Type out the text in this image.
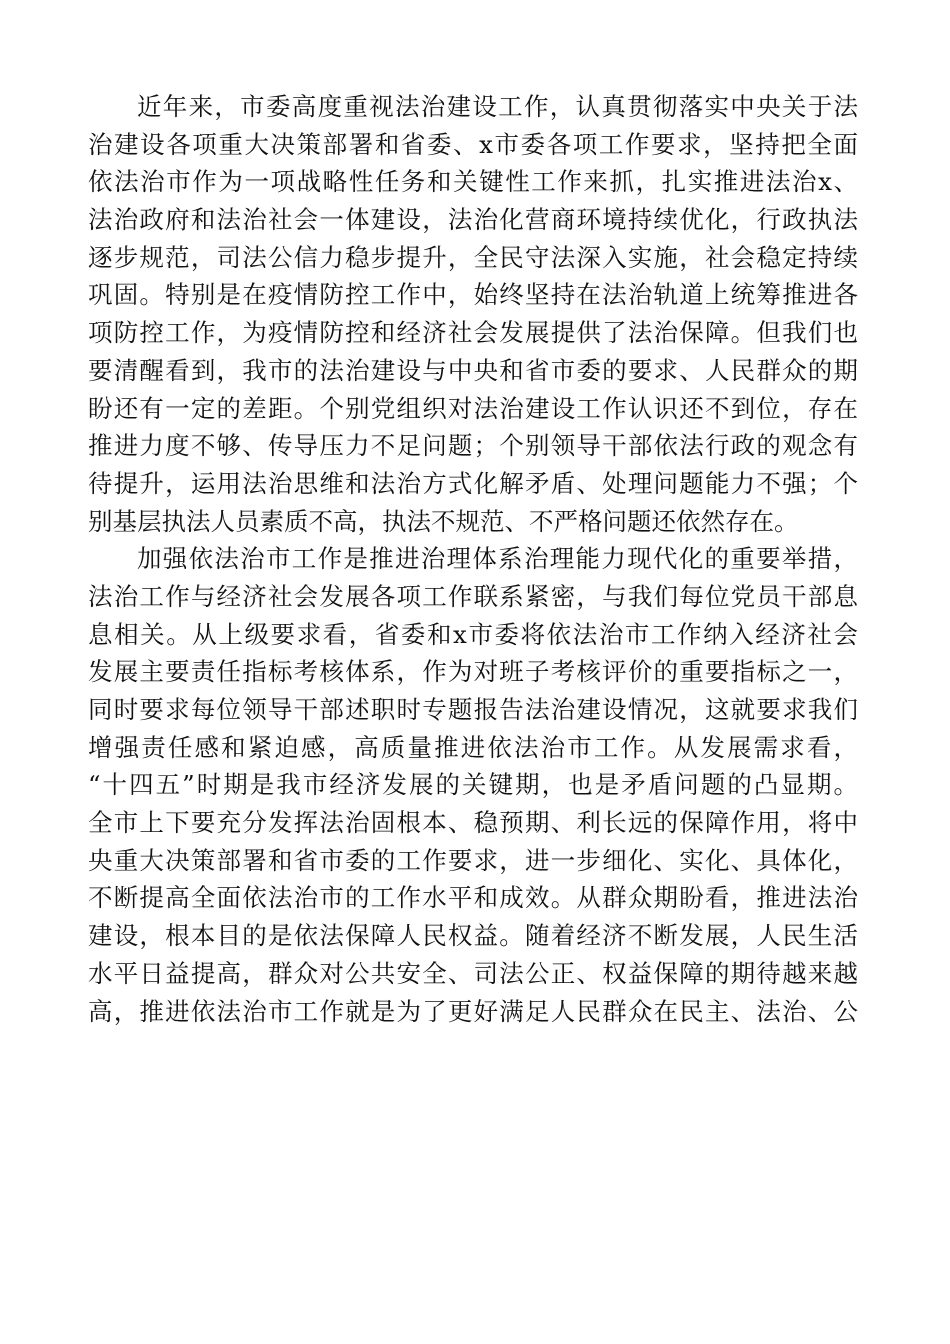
近年来，市委高度重视法治建设工作，认真贯彻落实中央关于法
治建设各项重大决策部署和省委、x市委各项工作要求，坚持把全面
依法治市作为一项战略性任务和关键性工作来抓，扎实推进法治x、
法治政府和法治社会一体建设，法治化营商环境持续优化，行政执法
逐步规范，司法公信力稳步提升，全民守法深入实施，社会稳定持续
巩固。特别是在疫情防控工作中，始终坚持在法治轨道上统筹推进各
项防控工作，为疫情防控和经济社会发展提供了法治保障。但我们也
要清醒看到，我市的法治建设与中央和省市委的要求、人民群众的期
盼还有一定的差距。个别党组织对法治建设工作认识还不到位，存在
推进力度不够、传导压力不足问题；个别领导干部依法行政的观念有
待提升，运用法治思维和法治方式化解矛盾、处理问题能力不强；个
别基层执法人员素质不高，执法不规范、不严格问题还依然存在。
加强依法治市工作是推进治理体系治理能力现代化的重要举措，
法治工作与经济社会发展各项工作联系紧密，与我们每位党员干部息
息相关。从上级要求看，省委和x市委将依法治市工作纳入经济社会
发展主要责任指标考核体系，作为对班子考核评价的重要指标之一，
同时要求每位领导干部述职时专题报告法治建设情况，这就要求我们
增强责任感和紧迫感，高质量推进依法治市工作。从发展需求看，
“十四五”时期是我市经济发展的关键期，也是矛盾问题的凸显期。
全市上下要充分发挥法治固根本、稳预期、利长远的保障作用，将中
央重大决策部署和省市委的工作要求，进一步细化、实化、具体化，
不断提高全面依法治市的工作水平和成效。从群众期盼看，推进法治
建设，根本目的是依法保障人民权益。随着经济不断发展，人民生活
水平日益提高，群众对公共安全、司法公正、权益保障的期待越来越
高，推进依法治市工作就是为了更好满足人民群众在民主、法治、公
